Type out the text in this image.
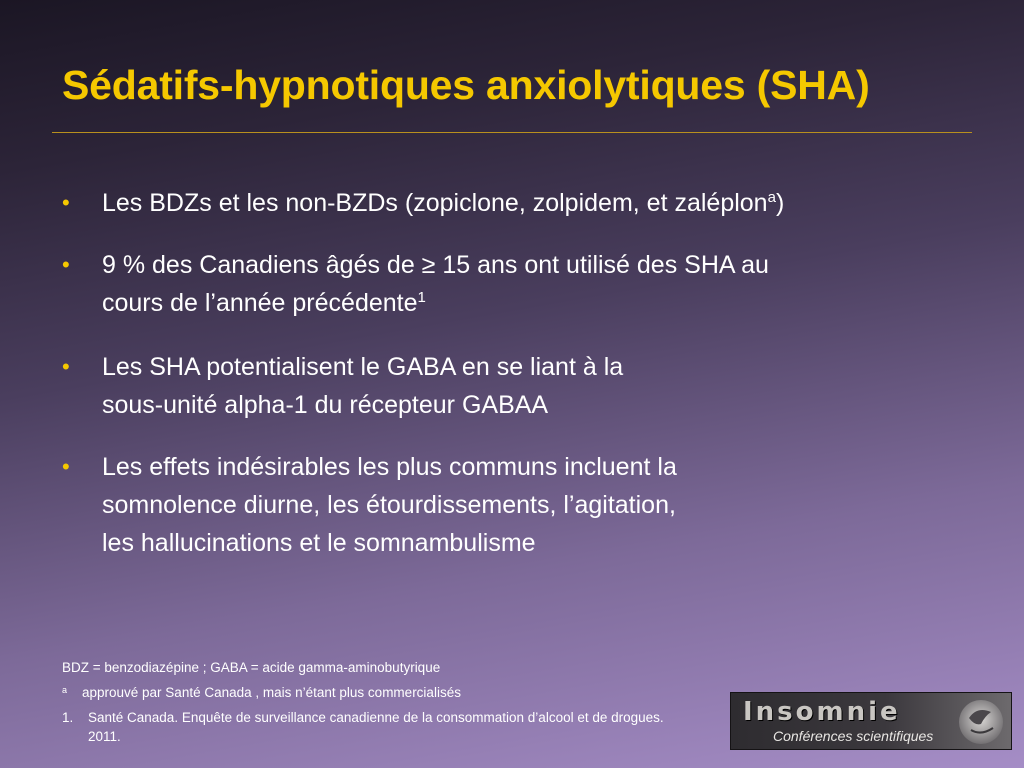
Sédatifs-hypnotiques anxiolytiques (SHA)
• Les BDZs et les non-BZDs (zopiclone, zolpidem, et zaléplon$^a$)
• 9 % des Canadiens âgés de ≥ 15 ans ont utilisé des SHA au
cours de l’année précédente$^1$
• Les SHA potentialisent le GABA en se liant à la
sous-unité alpha-1 du récepteur GABAA
• Les effets indésirables les plus communs incluent la
somnolence diurne, les étourdissements, l’agitation,
les hallucinations et le somnambulisme
BDZ = benzodiazépine ; GABA = acide gamma-aminobutyrique
a	approuvé par Santé Canada , mais n’étant plus commercialisés
1.	Santé Canada. Enquête de surveillance canadienne de la consommation d’alcool et de drogues. 2011.
Insomnie
Conférences scientifiques
